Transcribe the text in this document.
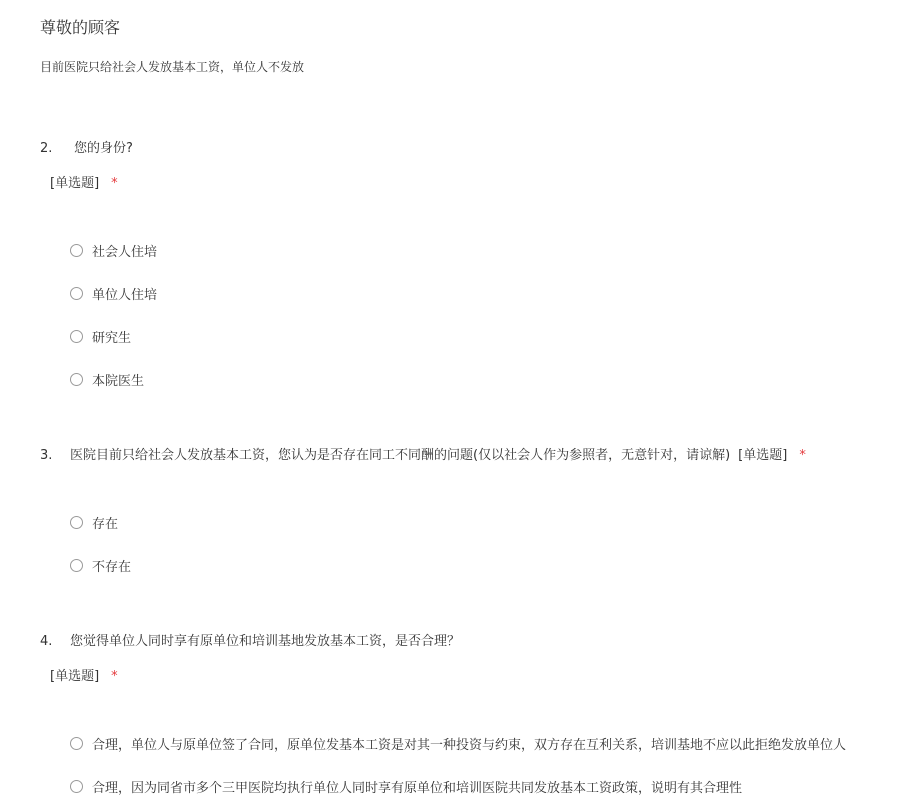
尊敬的顾客
目前医院只给社会人发放基本工资，单位人不发放
2. 您的身份?
[单选题] *
社会人住培
单位人住培
研究生
本院医生
3. 医院目前只给社会人发放基本工资，您认为是否存在同工不同酬的问题(仅以社会人作为参照者，无意针对，请谅解) [单选题] *
存在
不存在
4. 您觉得单位人同时享有原单位和培训基地发放基本工资，是否合理？
[单选题] *
合理，单位人与原单位签了合同，原单位发基本工资是对其一种投资与约束，双方存在互利关系，培训基地不应以此拒绝发放单位人
合理，因为同省市多个三甲医院均执行单位人同时享有原单位和培训医院共同发放基本工资政策，说明有其合理性
